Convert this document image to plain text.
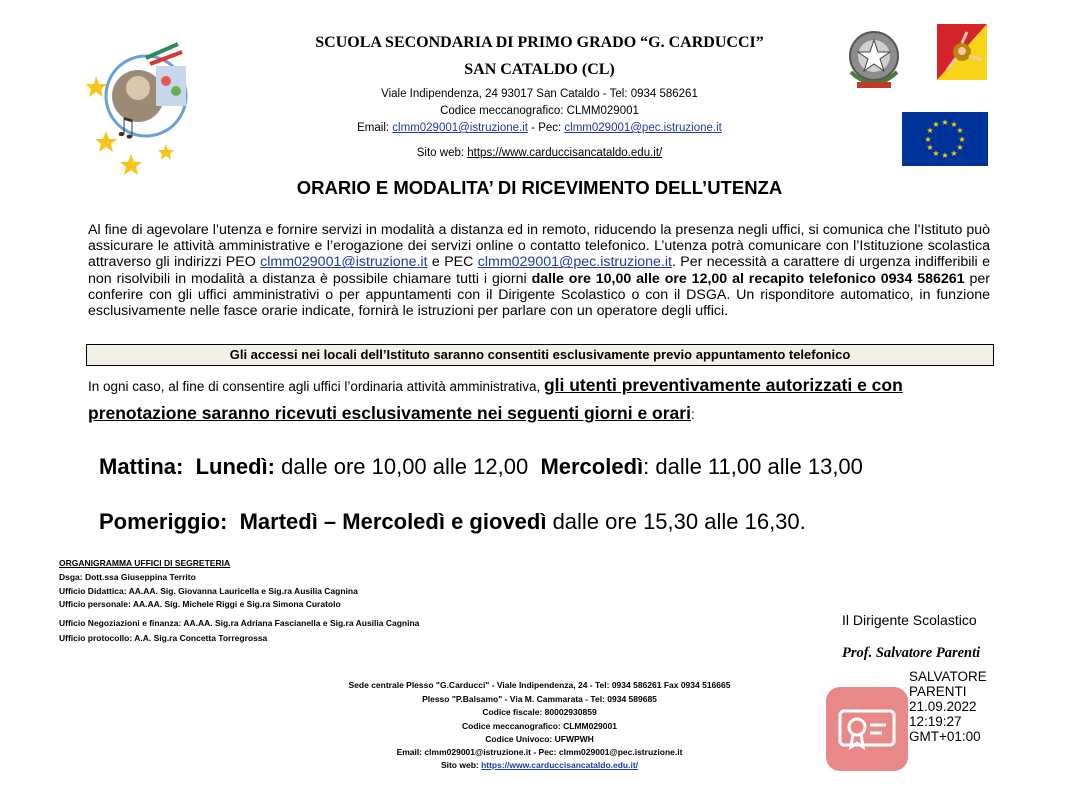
♫	★ ★
★
★
★
★
★
★
★
★
★
★
SCUOLA SECONDARIA DI PRIMO GRADO “G. CARDUCCI”
SAN CATALDO (CL)
Viale Indipendenza, 24 93017 San Cataldo - Tel: 0934 586261
Codice meccanografico: CLMM029001
Email: clmm029001@istruzione.it - Pec: clmm029001@pec.istruzione.it
Sito web: https://www.carduccisancataldo.edu.it/
ORARIO E MODALITA’ DI RICEVIMENTO DELL’UTENZA
Al fine di agevolare l’utenza e fornire servizi in modalità a distanza ed in remoto, riducendo la presenza negli uffici, si comunica che l’Istituto può assicurare le attività amministrative e l’erogazione dei servizi online o contatto telefonico. L’utenza potrà comunicare con l’Istituzione scolastica attraverso gli indirizzi PEO clmm029001@istruzione.it e PEC clmm029001@pec.istruzione.it. Per necessità a carattere di urgenza indifferibili e non risolvibili in modalità a distanza è possibile chiamare tutti i giorni dalle ore 10,00 alle ore 12,00 al recapito telefonico 0934 586261 per conferire con gli uffici amministrativi o per appuntamenti con il Dirigente Scolastico o con il DSGA. Un risponditore automatico, in funzione esclusivamente nelle fasce orarie indicate, fornirà le istruzioni per parlare con un operatore degli uffici.
Gli accessi nei locali dell’Istituto saranno consentiti esclusivamente previo appuntamento telefonico
In ogni caso, al fine di consentire agli uffici l’ordinaria attività amministrativa, gli utenti preventivamente autorizzati e con prenotazione saranno ricevuti esclusivamente nei seguenti giorni e orari:
Mattina: Lunedì: dalle ore 10,00 alle 12,00 Mercoledì: dalle 11,00 alle 13,00
Pomeriggio: Martedì – Mercoledì e giovedì dalle ore 15,30 alle 16,30.
ORGANIGRAMMA UFFICI DI SEGRETERIA
Dsga: Dott.ssa Giuseppina Territo
Ufficio Didattica: AA.AA. Sig. Giovanna Lauricella e Sig.ra Ausilia Cagnina
Ufficio personale: AA.AA. Sig. Michele Riggi e Sig.ra Simona Curatolo
Ufficio Negoziazioni e finanza: AA.AA. Sig.ra Adriana Fascianella e Sig.ra Ausilia Cagnina
Ufficio protocollo: A.A. Sig.ra Concetta Torregrossa
Il Dirigente Scolastico
Prof. Salvatore Parenti
SALVATORE
PARENTI
21.09.2022
12:19:27
GMT+01:00
Sede centrale Plesso "G.Carducci" - Viale Indipendenza, 24 - Tel: 0934 586261 Fax 0934 516665
Plesso "P.Balsamo" - Via M. Cammarata - Tel: 0934 589685
Codice fiscale: 80002930859
Codice meccanografico: CLMM029001
Codice Univoco: UFWPWH
Email: clmm029001@istruzione.it - Pec: clmm029001@pec.istruzione.it
Sito web: https://www.carduccisancataldo.edu.it/
